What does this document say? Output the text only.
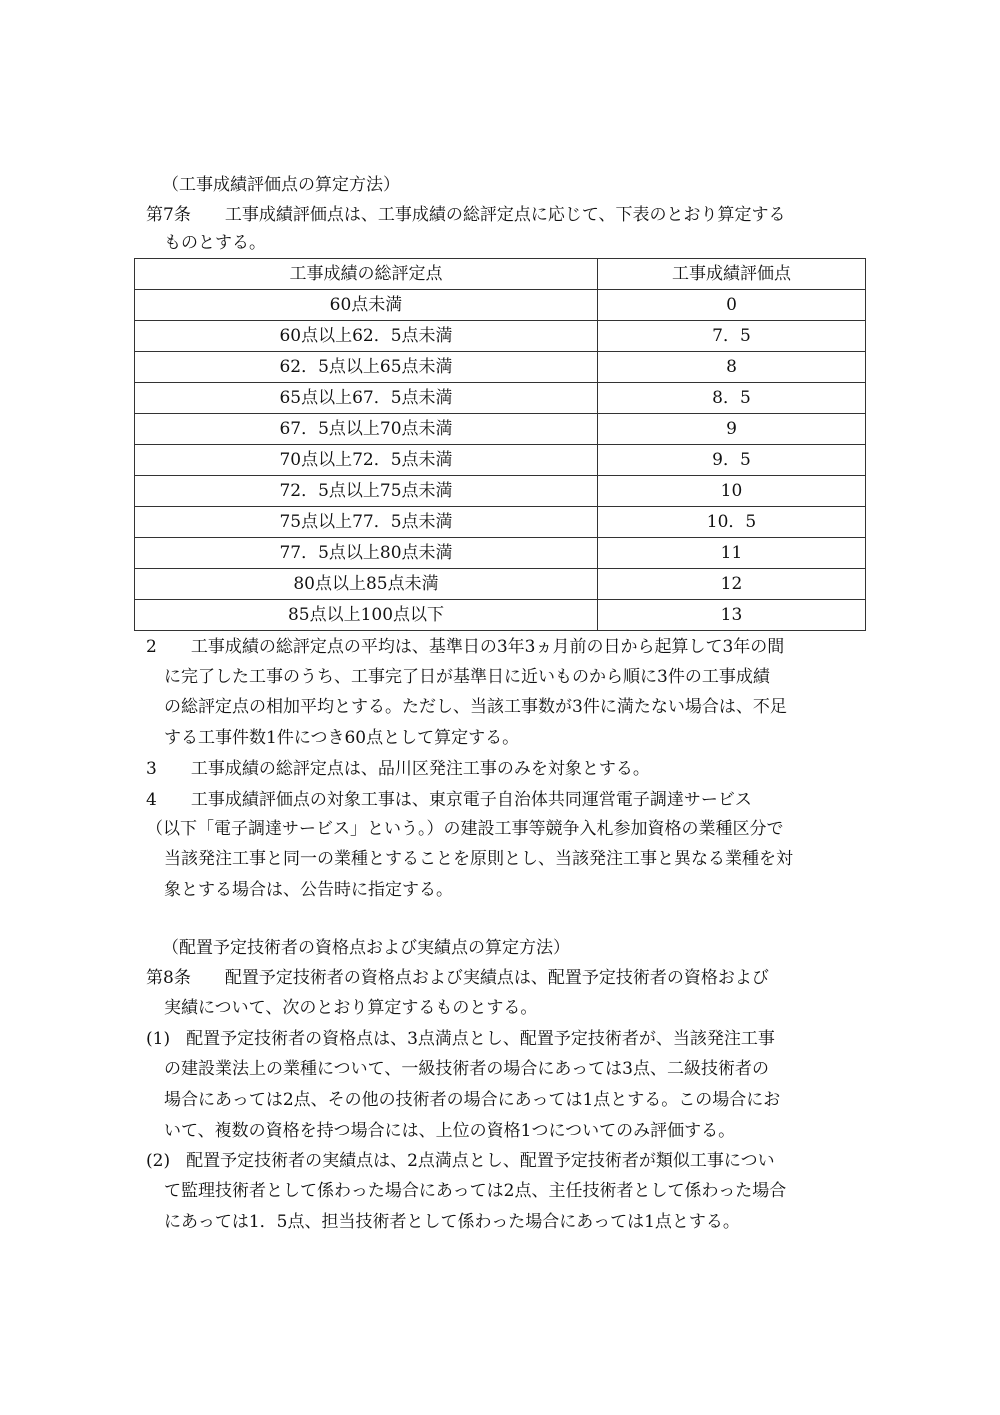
（工事成績評価点の算定方法）
第7条 工事成績評価点は、工事成績の総評定点に応じて、下表のとおり算定する
ものとする。
工事成績の総評定点	工事成績評価点
60点未満	0
60点以上62．5点未満	7．5
62．5点以上65点未満	8
65点以上67．5点未満	8．5
67．5点以上70点未満	9
70点以上72．5点未満	9．5
72．5点以上75点未満	10
75点以上77．5点未満	10．5
77．5点以上80点未満	11
80点以上85点未満	12
85点以上100点以下	13
2 工事成績の総評定点の平均は、基準日の3年3ヵ月前の日から起算して3年の間
に完了した工事のうち、工事完了日が基準日に近いものから順に3件の工事成績
の総評定点の相加平均とする。ただし、当該工事数が3件に満たない場合は、不足
する工事件数1件につき60点として算定する。
3 工事成績の総評定点は、品川区発注工事のみを対象とする。
4 工事成績評価点の対象工事は、東京電子自治体共同運営電子調達サービス
（以下「電子調達サービス」という。）の建設工事等競争入札参加資格の業種区分で
当該発注工事と同一の業種とすることを原則とし、当該発注工事と異なる業種を対
象とする場合は、公告時に指定する。
（配置予定技術者の資格点および実績点の算定方法）
第8条 配置予定技術者の資格点および実績点は、配置予定技術者の資格および
実績について、次のとおり算定するものとする。
(1) 配置予定技術者の資格点は、3点満点とし、配置予定技術者が、当該発注工事
の建設業法上の業種について、一級技術者の場合にあっては3点、二級技術者の
場合にあっては2点、その他の技術者の場合にあっては1点とする。この場合にお
いて、複数の資格を持つ場合には、上位の資格1つについてのみ評価する。
(2) 配置予定技術者の実績点は、2点満点とし、配置予定技術者が類似工事につい
て監理技術者として係わった場合にあっては2点、主任技術者として係わった場合
にあっては1．5点、担当技術者として係わった場合にあっては1点とする。
